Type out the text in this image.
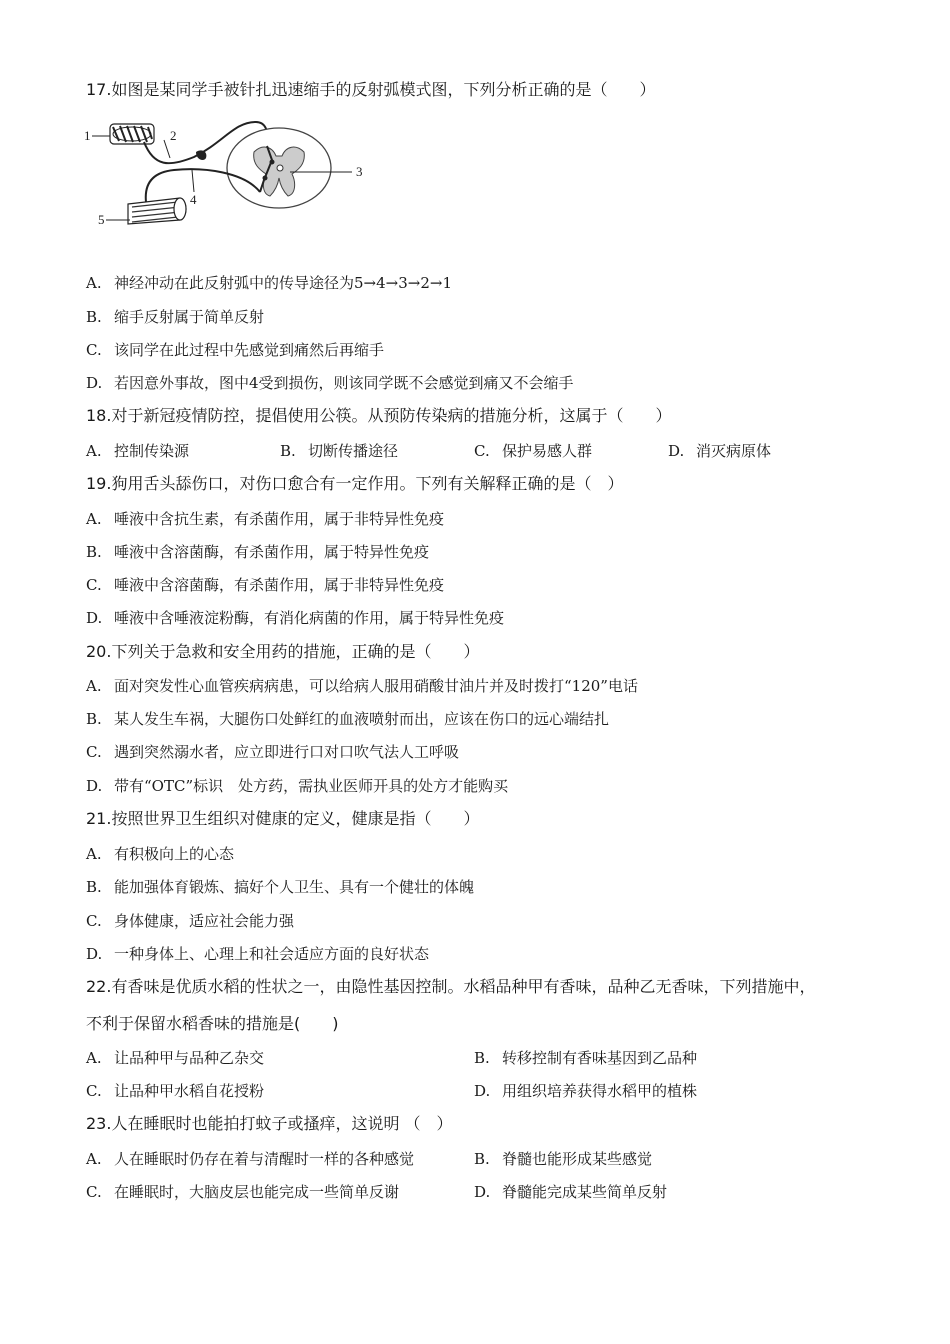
17.如图是某同学手被针扎迅速缩手的反射弧模式图，下列分析正确的是（　　）
1	2
3
4
5
A. 神经冲动在此反射弧中的传导途径为5→4→3→2→1
B. 缩手反射属于简单反射
C. 该同学在此过程中先感觉到痛然后再缩手
D. 若因意外事故，图中4受到损伤，则该同学既不会感觉到痛又不会缩手
18.对于新冠疫情防控，提倡使用公筷。从预防传染病的措施分析，这属于（　　）
A. 控制传染源	B. 切断传播途径	C. 保护易感人群	D. 消灭病原体
19.狗用舌头舔伤口，对伤口愈合有一定作用。下列有关解释正确的是（　）
A. 唾液中含抗生素，有杀菌作用，属于非特异性免疫
B. 唾液中含溶菌酶，有杀菌作用，属于特异性免疫
C. 唾液中含溶菌酶，有杀菌作用，属于非特异性免疫
D. 唾液中含唾液淀粉酶，有消化病菌的作用，属于特异性免疫
20.下列关于急救和安全用药的措施，正确的是（　　）
A. 面对突发性心血管疾病病患，可以给病人服用硝酸甘油片并及时拨打“120”电话
B. 某人发生车祸，大腿伤口处鲜红的血液喷射而出，应该在伤口的远心端结扎
C. 遇到突然溺水者，应立即进行口对口吹气法人工呼吸
D. 带有“OTC”标识　处方药，需执业医师开具的处方才能购买
21.按照世界卫生组织对健康的定义，健康是指（　　）
A. 有积极向上的心态
B. 能加强体育锻炼、搞好个人卫生、具有一个健壮的体魄
C. 身体健康，适应社会能力强
D. 一种身体上、心理上和社会适应方面的良好状态
22.有香味是优质水稻的性状之一，由隐性基因控制。水稻品种甲有香味，品种乙无香味，下列措施中，
不利于保留水稻香味的措施是(　　)
A. 让品种甲与品种乙杂交	B. 转移控制有香味基因到乙品种
C. 让品种甲水稻自花授粉	D. 用组织培养获得水稻甲的植株
23.人在睡眠时也能拍打蚊子或搔痒，这说明 （　）
A. 人在睡眠时仍存在着与清醒时一样的各种感觉	B. 脊髓也能形成某些感觉
C. 在睡眠时，大脑皮层也能完成一些简单反谢	D. 脊髓能完成某些简单反射
